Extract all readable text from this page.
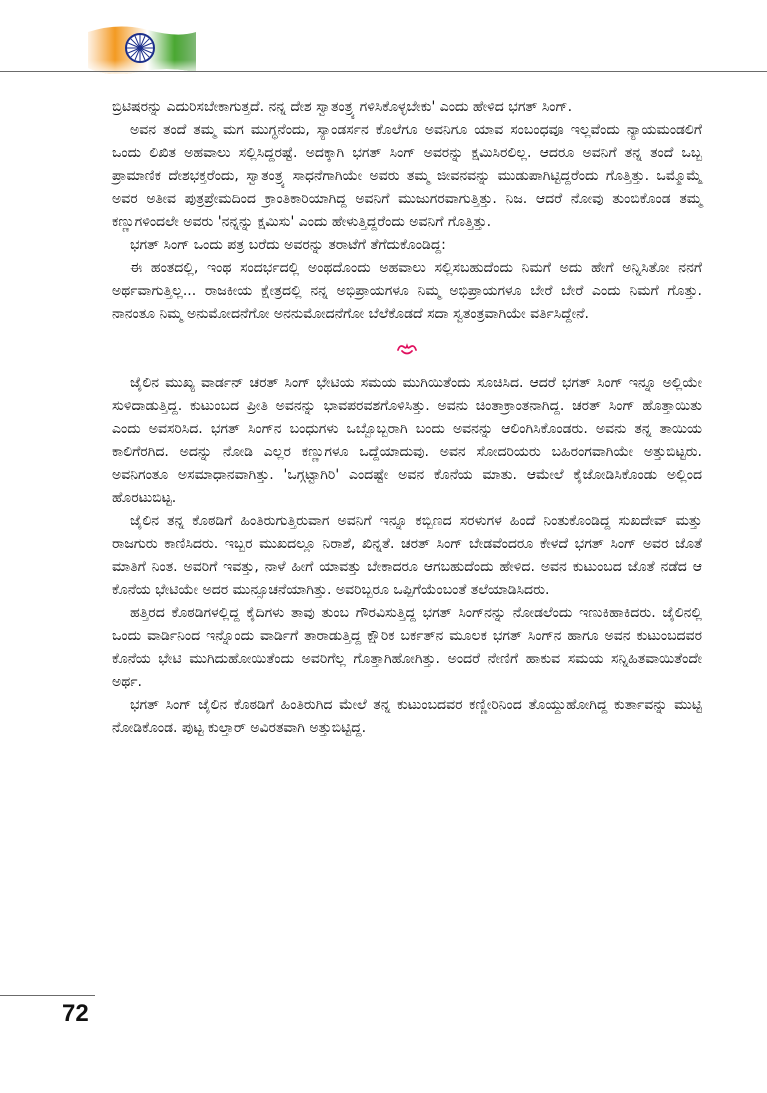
ಬ್ರಿಟಿಷರನ್ನು ಎದುರಿಸಬೇಕಾಗುತ್ತದೆ. ನನ್ನ ದೇಶ ಸ್ವಾತಂತ್ರ್ಯ ಗಳಿಸಿಕೊಳ್ಳಬೇಕು' ಎಂದು ಹೇಳಿದ ಭಗತ್ ಸಿಂಗ್.

ಅವನ ತಂದೆ ತಮ್ಮ ಮಗ ಮುಗ್ಧನೆಂದು, ಸ್ಯಾಂಡರ್ಸನ ಕೊಲೆಗೂ ಅವನಿಗೂ ಯಾವ ಸಂಬಂಧವೂ ಇಲ್ಲವೆಂದು ನ್ಯಾಯಮಂಡಲಿಗೆ ಒಂದು ಲಿಖಿತ ಅಹವಾಲು ಸಲ್ಲಿಸಿದ್ದರಷ್ಟೆ. ಅದಕ್ಕಾಗಿ ಭಗತ್ ಸಿಂಗ್ ಅವರನ್ನು ಕ್ಷಮಿಸಿರಲಿಲ್ಲ. ಆದರೂ ಅವನಿಗೆ ತನ್ನ ತಂದೆ ಒಬ್ಬ ಪ್ರಾಮಾಣಿಕ ದೇಶಭಕ್ತರೆಂದು, ಸ್ವಾತಂತ್ರ್ಯ ಸಾಧನೆಗಾಗಿಯೇ ಅವರು ತಮ್ಮ ಜೀವನವನ್ನು ಮುಡುಪಾಗಿಟ್ಟಿದ್ದರೆಂದು ಗೊತ್ತಿತ್ತು. ಒಮ್ಮೊಮ್ಮೆ ಅವರ ಅತೀವ ಪುತ್ರಪ್ರೇಮದಿಂದ ಕ್ರಾಂತಿಕಾರಿಯಾಗಿದ್ದ ಅವನಿಗೆ ಮುಜುಗರವಾಗುತ್ತಿತ್ತು. ನಿಜ. ಆದರೆ ನೋವು ತುಂಬಿಕೊಂಡ ತಮ್ಮ ಕಣ್ಣುಗಳಿಂದಲೇ ಅವರು 'ನನ್ನನ್ನು ಕ್ಷಮಿಸು' ಎಂದು ಹೇಳುತ್ತಿದ್ದರೆಂದು ಅವನಿಗೆ ಗೊತ್ತಿತ್ತು.

ಭಗತ್ ಸಿಂಗ್ ಒಂದು ಪತ್ರ ಬರೆದು ಅವರನ್ನು ತರಾಟೆಗೆ ತೆಗೆದುಕೊಂಡಿದ್ದ:

ಈ ಹಂತದಲ್ಲಿ, ಇಂಥ ಸಂದರ್ಭದಲ್ಲಿ ಅಂಥದೊಂದು ಅಹವಾಲು ಸಲ್ಲಿಸಬಹುದೆಂದು ನಿಮಗೆ ಅದು ಹೇಗೆ ಅನ್ನಿಸಿತೋ ನನಗೆ ಅರ್ಥವಾಗುತ್ತಿಲ್ಲ... ರಾಜಕೀಯ ಕ್ಷೇತ್ರದಲ್ಲಿ ನನ್ನ ಅಭಿಪ್ರಾಯಗಳೂ ನಿಮ್ಮ ಅಭಿಪ್ರಾಯಗಳೂ ಬೇರೆ ಬೇರೆ ಎಂದು ನಿಮಗೆ ಗೊತ್ತು. ನಾನಂತೂ ನಿಮ್ಮ ಅನುಮೋದನೆಗೋ ಅನನುಮೋದನೆಗೋ ಬೆಲೆಕೊಡದೆ ಸದಾ ಸ್ವತಂತ್ರವಾಗಿಯೇ ವರ್ತಿಸಿದ್ದೇನೆ.

ಜೈಲಿನ ಮುಖ್ಯ ವಾರ್ಡನ್ ಚರತ್ ಸಿಂಗ್ ಭೇಟಿಯ ಸಮಯ ಮುಗಿಯಿತೆಂದು ಸೂಚಿಸಿದ. ಆದರೆ ಭಗತ್ ಸಿಂಗ್ ಇನ್ನೂ ಅಲ್ಲಿಯೇ ಸುಳಿದಾಡುತ್ತಿದ್ದ. ಕುಟುಂಬದ ಪ್ರೀತಿ ಅವನನ್ನು ಭಾವಪರವಶಗೊಳಿಸಿತ್ತು. ಅವನು ಚಿಂತಾಕ್ರಾಂತನಾಗಿದ್ದ. ಚರತ್ ಸಿಂಗ್ ಹೊತ್ತಾಯಿತು ಎಂದು ಅವಸರಿಸಿದ. ಭಗತ್ ಸಿಂಗ್‌ನ ಬಂಧುಗಳು ಒಬ್ಬೊಬ್ಬರಾಗಿ ಬಂದು ಅವನನ್ನು ಆಲಿಂಗಿಸಿಕೊಂಡರು. ಅವನು ತನ್ನ ತಾಯಿಯ ಕಾಲಿಗೆರಗಿದ. ಅದನ್ನು ನೋಡಿ ಎಲ್ಲರ ಕಣ್ಣುಗಳೂ ಒದ್ದೆಯಾದುವು. ಅವನ ಸೋದರಿಯರು ಬಹಿರಂಗವಾಗಿಯೇ ಅತ್ತುಬಿಟ್ಟರು. ಅವನಿಗಂತೂ ಅಸಮಾಧಾನವಾಗಿತ್ತು. 'ಒಗ್ಗಟ್ಟಾಗಿರಿ' ಎಂದಷ್ಟೇ ಅವನ ಕೊನೆಯ ಮಾತು. ಆಮೇಲೆ ಕೈಜೋಡಿಸಿಕೊಂಡು ಅಲ್ಲಿಂದ ಹೊರಟುಬಿಟ್ಟ.

ಜೈಲಿನ ತನ್ನ ಕೊಠಡಿಗೆ ಹಿಂತಿರುಗುತ್ತಿರುವಾಗ ಅವನಿಗೆ ಇನ್ನೂ ಕಬ್ಬಿಣದ ಸರಳುಗಳ ಹಿಂದೆ ನಿಂತುಕೊಂಡಿದ್ದ ಸುಖದೇವ್ ಮತ್ತು ರಾಜಗುರು ಕಾಣಿಸಿದರು. ಇಬ್ಬರ ಮುಖದಲ್ಲೂ ನಿರಾಶೆ, ಖಿನ್ನತೆ. ಚರತ್ ಸಿಂಗ್ ಬೇಡವೆಂದರೂ ಕೇಳದೆ ಭಗತ್ ಸಿಂಗ್ ಅವರ ಜೊತೆ ಮಾತಿಗೆ ನಿಂತ. ಅವರಿಗೆ ಇವತ್ತು, ನಾಳೆ ಹೀಗೆ ಯಾವತ್ತು ಬೇಕಾದರೂ ಆಗಬಹುದೆಂದು ಹೇಳಿದ. ಅವನ ಕುಟುಂಬದ ಜೊತೆ ನಡೆದ ಆ ಕೊನೆಯ ಭೇಟಿಯೇ ಅದರ ಮುನ್ಸೂಚನೆಯಾಗಿತ್ತು. ಅವರಿಬ್ಬರೂ ಒಪ್ಪಿಗೆಯೆಂಬಂತೆ ತಲೆಯಾಡಿಸಿದರು.

ಹತ್ತಿರದ ಕೊಠಡಿಗಳಲ್ಲಿದ್ದ ಕೈದಿಗಳು ತಾವು ತುಂಬ ಗೌರವಿಸುತ್ತಿದ್ದ ಭಗತ್ ಸಿಂಗ್‌ನನ್ನು ನೋಡಲೆಂದು ಇಣುಕಿಹಾಕಿದರು. ಜೈಲಿನಲ್ಲಿ ಒಂದು ವಾರ್ಡಿನಿಂದ ಇನ್ನೊಂದು ವಾರ್ಡಿಗೆ ತಾರಾಡುತ್ತಿದ್ದ ಕ್ಷೌರಿಕ ಬರ್ಕತ್‌ನ ಮೂಲಕ ಭಗತ್ ಸಿಂಗ್‌ನ ಹಾಗೂ ಅವನ ಕುಟುಂಬದವರ ಕೊನೆಯ ಭೇಟಿ ಮುಗಿದುಹೋಯಿತೆಂದು ಅವರಿಗೆಲ್ಲ ಗೊತ್ತಾಗಿಹೋಗಿತ್ತು. ಅಂದರೆ ನೇಣಿಗೆ ಹಾಕುವ ಸಮಯ ಸನ್ನಿಹಿತವಾಯಿತೆಂದೇ ಅರ್ಥ.

ಭಗತ್ ಸಿಂಗ್ ಜೈಲಿನ ಕೊಠಡಿಗೆ ಹಿಂತಿರುಗಿದ ಮೇಲೆ ತನ್ನ ಕುಟುಂಬದವರ ಕಣ್ಣೀರಿನಿಂದ ತೊಯ್ದುಹೋಗಿದ್ದ ಕುರ್ತಾವನ್ನು ಮುಟ್ಟಿ ನೋಡಿಕೊಂಡ. ಪುಟ್ಟ ಕುಲ್ತಾರ್ ಅವಿರತವಾಗಿ ಅತ್ತುಬಿಟ್ಟಿದ್ದ.

72
